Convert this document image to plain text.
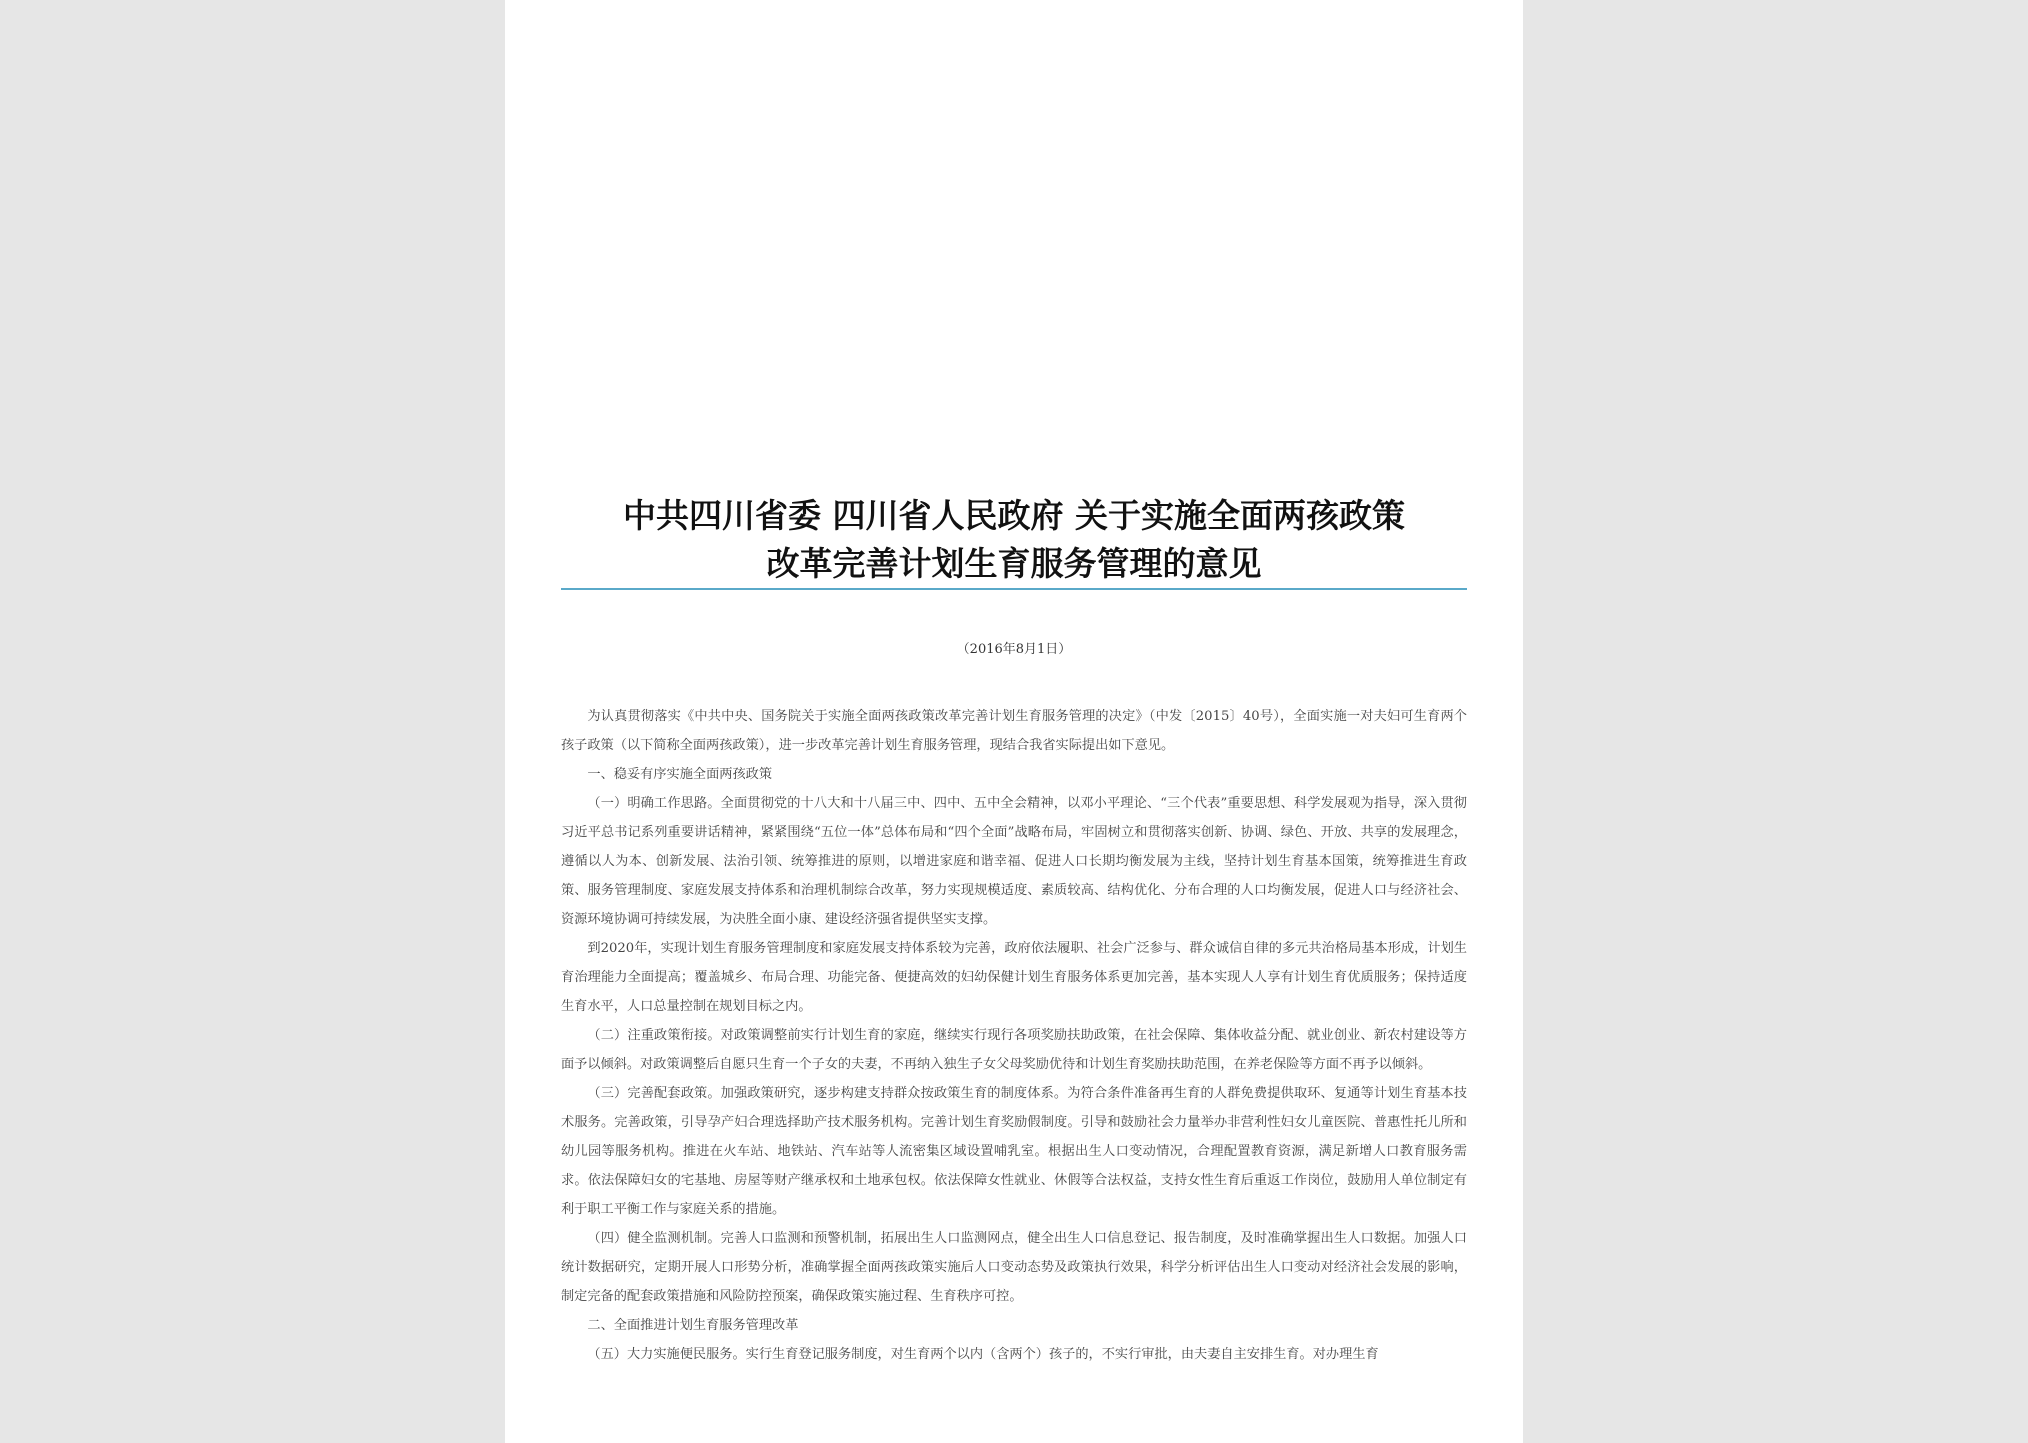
中共四川省委 四川省人民政府 关于实施全面两孩政策
改革完善计划生育服务管理的意见
（2016年8月1日）

为认真贯彻落实《中共中央、国务院关于实施全面两孩政策改革完善计划生育服务管理的决定》（中发〔2015〕40号），全面实施一对夫妇可生育两个孩子政策（以下简称全面两孩政策），进一步改革完善计划生育服务管理，现结合我省实际提出如下意见。

一、稳妥有序实施全面两孩政策

（一）明确工作思路。全面贯彻党的十八大和十八届三中、四中、五中全会精神，以邓小平理论、“三个代表”重要思想、科学发展观为指导，深入贯彻习近平总书记系列重要讲话精神，紧紧围绕“五位一体”总体布局和“四个全面”战略布局，牢固树立和贯彻落实创新、协调、绿色、开放、共享的发展理念，遵循以人为本、创新发展、法治引领、统筹推进的原则，以增进家庭和谐幸福、促进人口长期均衡发展为主线，坚持计划生育基本国策，统筹推进生育政策、服务管理制度、家庭发展支持体系和治理机制综合改革，努力实现规模适度、素质较高、结构优化、分布合理的人口均衡发展，促进人口与经济社会、资源环境协调可持续发展，为决胜全面小康、建设经济强省提供坚实支撑。

到2020年，实现计划生育服务管理制度和家庭发展支持体系较为完善，政府依法履职、社会广泛参与、群众诚信自律的多元共治格局基本形成，计划生育治理能力全面提高；覆盖城乡、布局合理、功能完备、便捷高效的妇幼保健计划生育服务体系更加完善，基本实现人人享有计划生育优质服务；保持适度生育水平，人口总量控制在规划目标之内。

（二）注重政策衔接。对政策调整前实行计划生育的家庭，继续实行现行各项奖励扶助政策，在社会保障、集体收益分配、就业创业、新农村建设等方面予以倾斜。对政策调整后自愿只生育一个子女的夫妻，不再纳入独生子女父母奖励优待和计划生育奖励扶助范围，在养老保险等方面不再予以倾斜。

（三）完善配套政策。加强政策研究，逐步构建支持群众按政策生育的制度体系。为符合条件准备再生育的人群免费提供取环、复通等计划生育基本技术服务。完善政策，引导孕产妇合理选择助产技术服务机构。完善计划生育奖励假制度。引导和鼓励社会力量举办非营利性妇女儿童医院、普惠性托儿所和幼儿园等服务机构。推进在火车站、地铁站、汽车站等人流密集区域设置哺乳室。根据出生人口变动情况，合理配置教育资源，满足新增人口教育服务需求。依法保障妇女的宅基地、房屋等财产继承权和土地承包权。依法保障女性就业、休假等合法权益，支持女性生育后重返工作岗位，鼓励用人单位制定有利于职工平衡工作与家庭关系的措施。

（四）健全监测机制。完善人口监测和预警机制，拓展出生人口监测网点，健全出生人口信息登记、报告制度，及时准确掌握出生人口数据。加强人口统计数据研究，定期开展人口形势分析，准确掌握全面两孩政策实施后人口变动态势及政策执行效果，科学分析评估出生人口变动对经济社会发展的影响，制定完备的配套政策措施和风险防控预案，确保政策实施过程、生育秩序可控。

二、全面推进计划生育服务管理改革

（五）大力实施便民服务。实行生育登记服务制度，对生育两个以内（含两个）孩子的，不实行审批，由夫妻自主安排生育。对办理生育
